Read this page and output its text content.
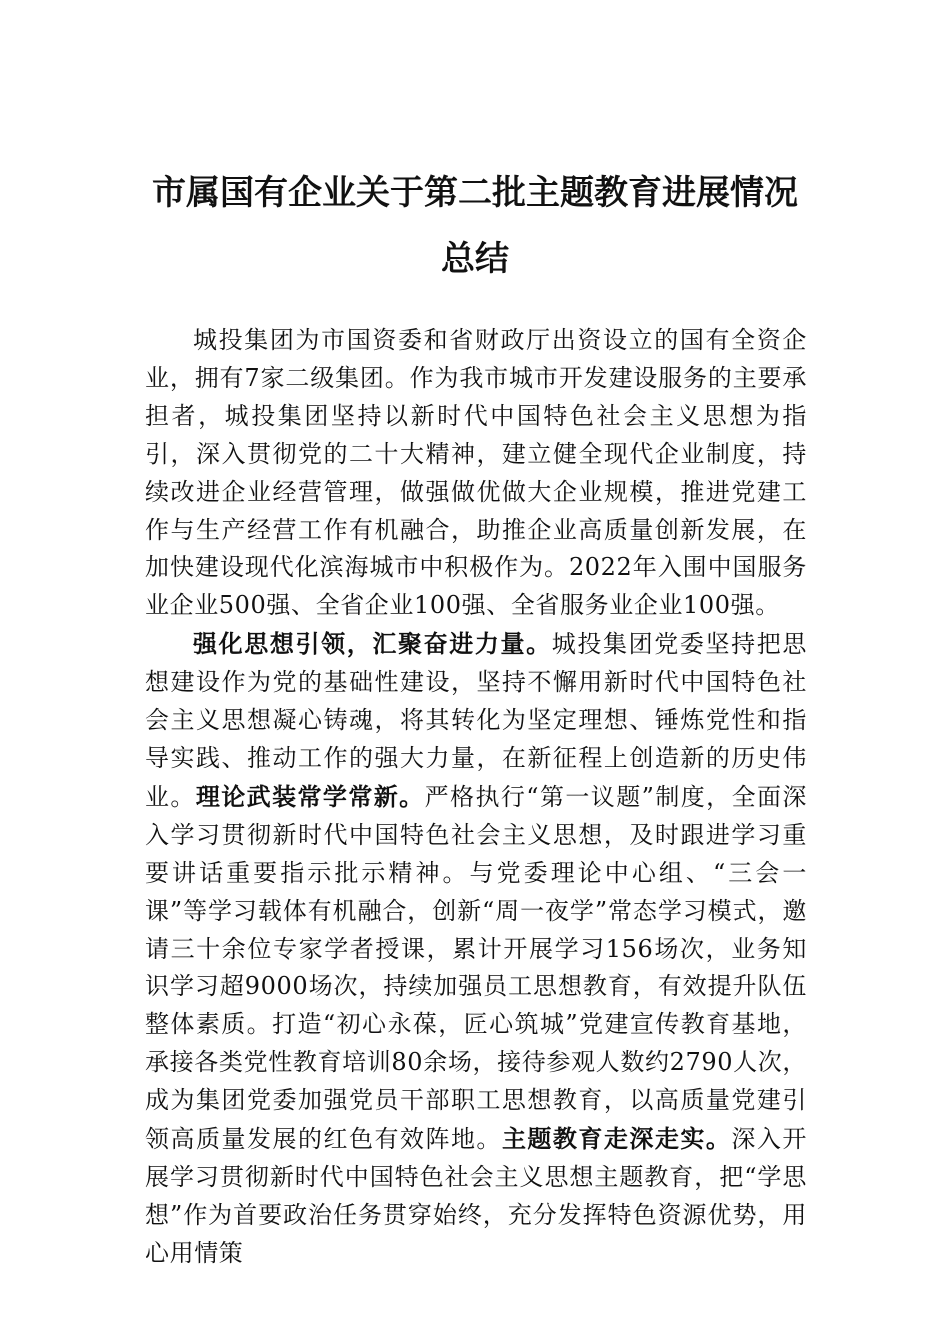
市属国有企业关于第二批主题教育进展情况总结

城投集团为市国资委和省财政厅出资设立的国有全资企业，拥有7家二级集团。作为我市城市开发建设服务的主要承担者，城投集团坚持以新时代中国特色社会主义思想为指引，深入贯彻党的二十大精神，建立健全现代企业制度，持续改进企业经营管理，做强做优做大企业规模，推进党建工作与生产经营工作有机融合，助推企业高质量创新发展，在加快建设现代化滨海城市中积极作为。2022年入围中国服务业企业500强、全省企业100强、全省服务业企业100强。

强化思想引领，汇聚奋进力量。城投集团党委坚持把思想建设作为党的基础性建设，坚持不懈用新时代中国特色社会主义思想凝心铸魂，将其转化为坚定理想、锤炼党性和指导实践、推动工作的强大力量，在新征程上创造新的历史伟业。理论武装常学常新。严格执行“第一议题”制度，全面深入学习贯彻新时代中国特色社会主义思想，及时跟进学习重要讲话重要指示批示精神。与党委理论中心组、“三会一课”等学习载体有机融合，创新“周一夜学”常态学习模式，邀请三十余位专家学者授课，累计开展学习156场次，业务知识学习超9000场次，持续加强员工思想教育，有效提升队伍整体素质。打造“初心永葆，匠心筑城”党建宣传教育基地，承接各类党性教育培训80余场，接待参观人数约2790人次，成为集团党委加强党员干部职工思想教育，以高质量党建引领高质量发展的红色有效阵地。主题教育走深走实。深入开展学习贯彻新时代中国特色社会主义思想主题教育，把“学思想”作为首要政治任务贯穿始终，充分发挥特色资源优势，用心用情策
